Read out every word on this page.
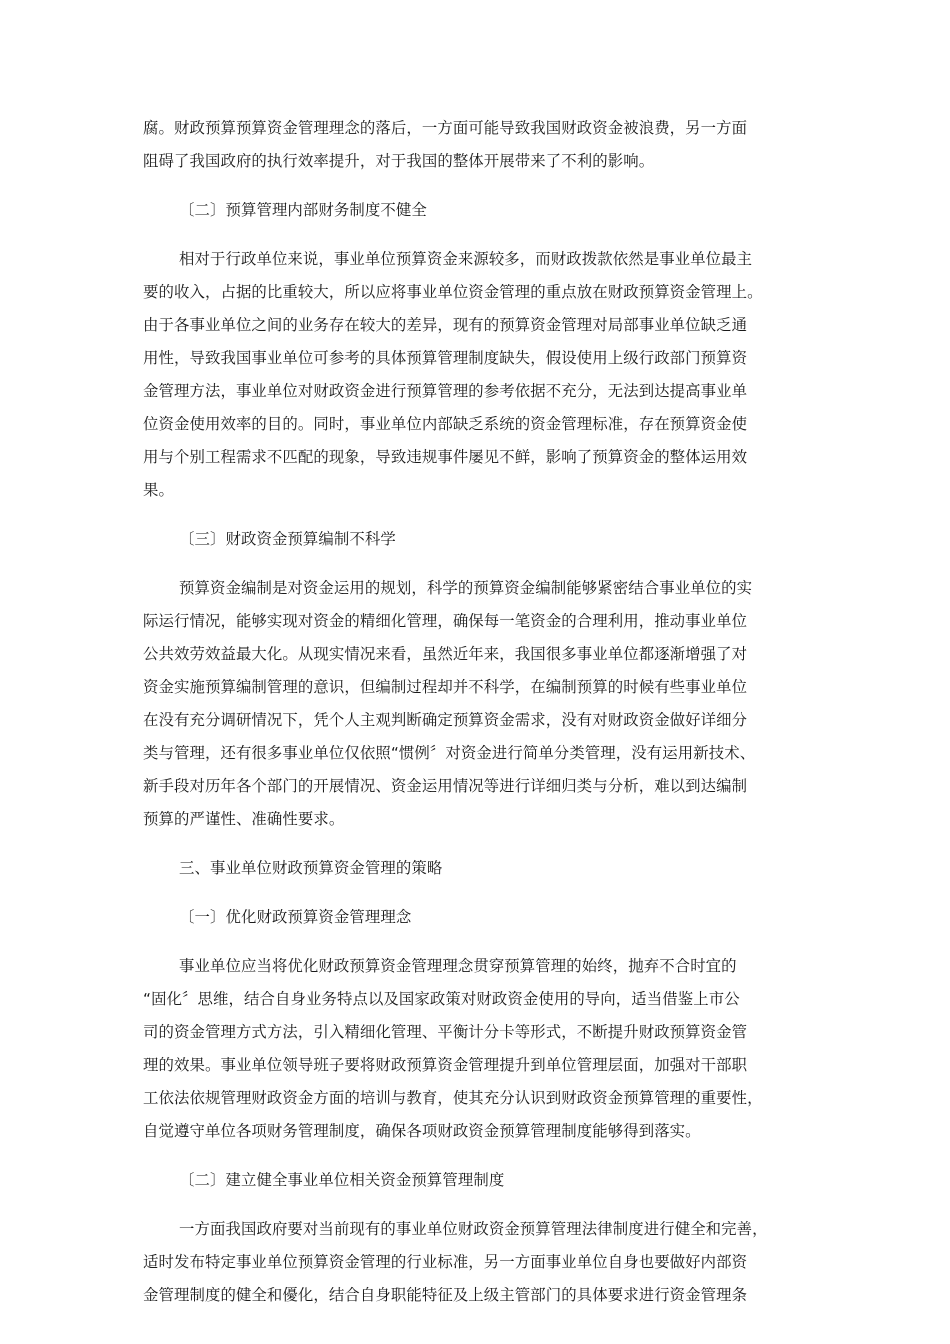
腐。财政预算预算资金管理理念的落后，一方面可能导致我国财政资金被浪费，另一方面
阻碍了我国政府的执行效率提升，对于我国的整体开展带来了不利的影响。
〔二〕预算管理内部财务制度不健全
相对于行政单位来说，事业单位预算资金来源较多，而财政拨款依然是事业单位最主
要的收入，占据的比重较大，所以应将事业单位资金管理的重点放在财政预算资金管理上。
由于各事业单位之间的业务存在较大的差异，现有的预算资金管理对局部事业单位缺乏通
用性，导致我国事业单位可参考的具体预算管理制度缺失，假设使用上级行政部门预算资
金管理方法，事业单位对财政资金进行预算管理的参考依据不充分，无法到达提高事业单
位资金使用效率的目的。同时，事业单位内部缺乏系统的资金管理标准，存在预算资金使
用与个别工程需求不匹配的现象，导致违规事件屡见不鲜，影响了预算资金的整体运用效
果。
〔三〕财政资金预算编制不科学
预算资金编制是对资金运用的规划，科学的预算资金编制能够紧密结合事业单位的实
际运行情况，能够实现对资金的精细化管理，确保每一笔资金的合理利用，推动事业单位
公共效劳效益最大化。从现实情况来看，虽然近年来，我国很多事业单位都逐渐增强了对
资金实施预算编制管理的意识，但编制过程却并不科学，在编制预算的时候有些事业单位
在没有充分调研情况下，凭个人主观判断确定预算资金需求，没有对财政资金做好详细分
类与管理，还有很多事业单位仅依照“惯例〞对资金进行简单分类管理，没有运用新技术、
新手段对历年各个部门的开展情况、资金运用情况等进行详细归类与分析，难以到达编制
预算的严谨性、准确性要求。
三、事业单位财政预算资金管理的策略
〔一〕优化财政预算资金管理理念
事业单位应当将优化财政预算资金管理理念贯穿预算管理的始终，抛弃不合时宜的
“固化〞思维，结合自身业务特点以及国家政策对财政资金使用的导向，适当借鉴上市公
司的资金管理方式方法，引入精细化管理、平衡计分卡等形式，不断提升财政预算资金管
理的效果。事业单位领导班子要将财政预算资金管理提升到单位管理层面，加强对干部职
工依法依规管理财政资金方面的培训与教育，使其充分认识到财政资金预算管理的重要性，
自觉遵守单位各项财务管理制度，确保各项财政资金预算管理制度能够得到落实。
〔二〕建立健全事业单位相关资金预算管理制度
一方面我国政府要对当前现有的事业单位财政资金预算管理法律制度进行健全和完善，
适时发布特定事业单位预算资金管理的行业标准，另一方面事业单位自身也要做好内部资
金管理制度的健全和優化，结合自身职能特征及上级主管部门的具体要求进行资金管理条
